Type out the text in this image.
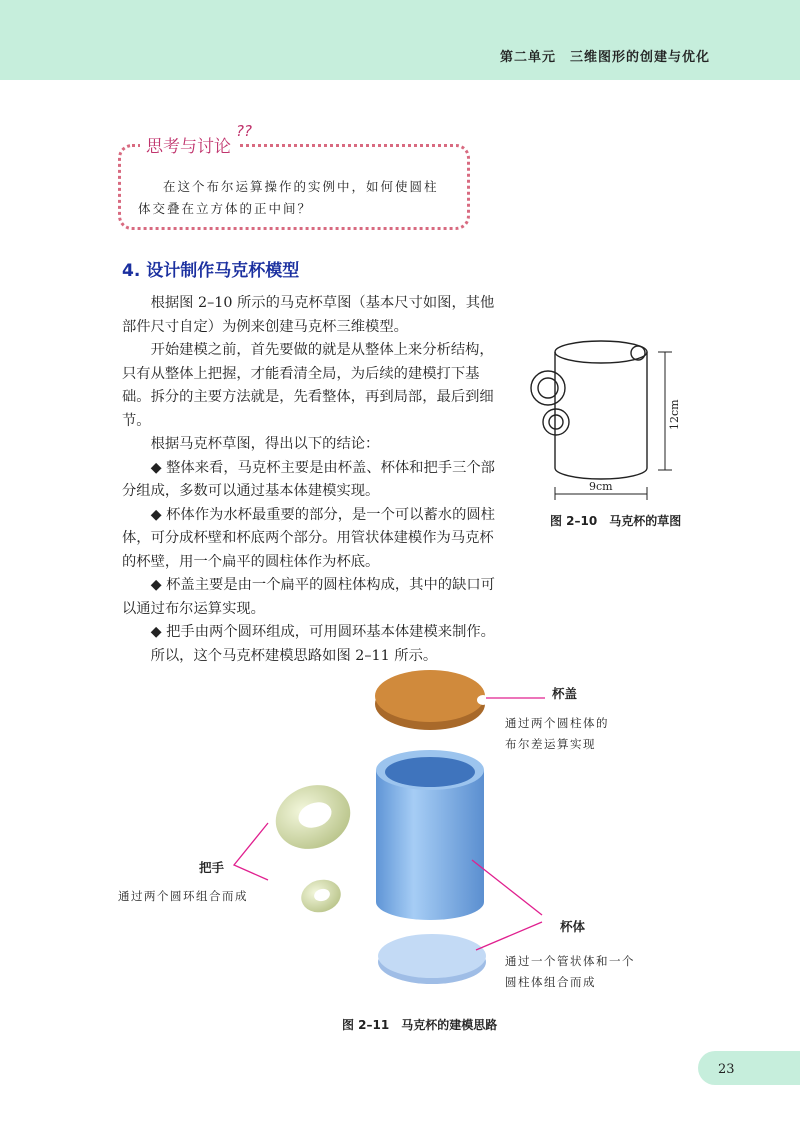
第二单元　三维图形的创建与优化
思考与讨论
??
在这个布尔运算操作的实例中，如何使圆柱体交叠在立方体的正中间？
4. 设计制作马克杯模型

根据图 2–10 所示的马克杯草图（基本尺寸如图，其他部件尺寸自定）为例来创建马克杯三维模型。

开始建模之前，首先要做的就是从整体上来分析结构，只有从整体上把握，才能看清全局，为后续的建模打下基础。拆分的主要方法就是，先看整体，再到局部，最后到细节。

根据马克杯草图，得出以下的结论：

◆ 整体来看，马克杯主要是由杯盖、杯体和把手三个部分组成，多数可以通过基本体建模实现。

◆ 杯体作为水杯最重要的部分，是一个可以蓄水的圆柱体，可分成杯壁和杯底两个部分。用管状体建模作为马克杯的杯壁，用一个扁平的圆柱体作为杯底。

◆ 杯盖主要是由一个扁平的圆柱体构成，其中的缺口可以通过布尔运算实现。

◆ 把手由两个圆环组成，可用圆环基本体建模来制作。

所以，这个马克杯建模思路如图 2–11 所示。

12cm
9cm
图 2–10　马克杯的草图
杯盖
通过两个圆柱体的
布尔差运算实现
把手
通过两个圆环组合而成
杯体
通过一个管状体和一个
圆柱体组合而成
图 2–11　马克杯的建模思路
23
